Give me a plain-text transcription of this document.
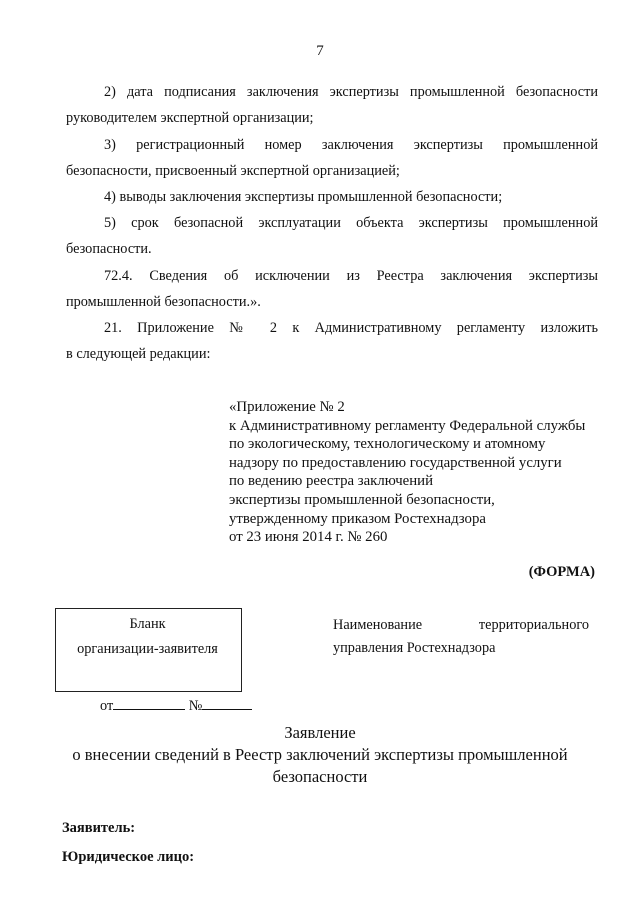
7
2) дата подписания заключения экспертизы промышленной безопасности
руководителем экспертной организации;
3) регистрационный номер заключения экспертизы промышленной
безопасности, присвоенный экспертной организацией;
4) выводы заключения экспертизы промышленной безопасности;
5) срок безопасной эксплуатации объекта экспертизы промышленной
безопасности.
72.4. Сведения об исключении из Реестра заключения экспертизы
промышленной безопасности.».
21. Приложение № 2 к Административному регламенту изложить
в следующей редакции:
«Приложение № 2
к Административному регламенту Федеральной службы
по экологическому, технологическому и атомному
надзору по предоставлению государственной услуги
по ведению реестра заключений
экспертизы промышленной безопасности,
утвержденному приказом Ростехнадзора
от 23 июня 2014 г. № 260
(ФОРМА)
Бланк
организации-заявителя
Наименование территориального
управления Ростехнадзора
от	№
Заявление
о внесении сведений в Реестр заключений экспертизы промышленной
безопасности
Заявитель:
Юридическое лицо:
